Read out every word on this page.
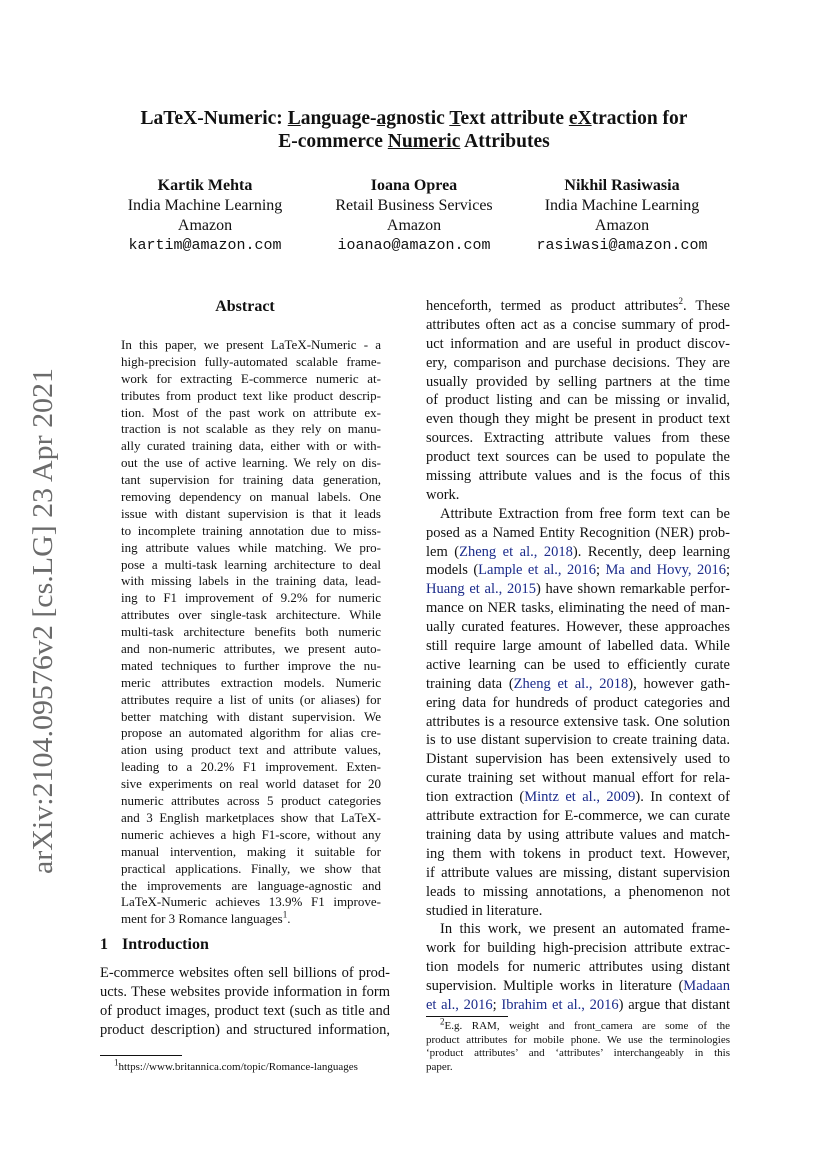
arXiv:2104.09576v2 [cs.LG] 23 Apr 2021
LaTeX-Numeric: Language-agnostic Text attribute eXtraction for
E-commerce Numeric Attributes
Kartik Mehta
India Machine Learning
Amazon
kartim@amazon.com
Ioana Oprea
Retail Business Services
Amazon
ioanao@amazon.com
Nikhil Rasiwasia
India Machine Learning
Amazon
rasiwasi@amazon.com
Abstract
In this paper, we present LaTeX-Numeric - a
high-precision fully-automated scalable frame-
work for extracting E-commerce numeric at-
tributes from product text like product descrip-
tion. Most of the past work on attribute ex-
traction is not scalable as they rely on manu-
ally curated training data, either with or with-
out the use of active learning. We rely on dis-
tant supervision for training data generation,
removing dependency on manual labels. One
issue with distant supervision is that it leads
to incomplete training annotation due to miss-
ing attribute values while matching. We pro-
pose a multi-task learning architecture to deal
with missing labels in the training data, lead-
ing to F1 improvement of 9.2% for numeric
attributes over single-task architecture. While
multi-task architecture benefits both numeric
and non-numeric attributes, we present auto-
mated techniques to further improve the nu-
meric attributes extraction models. Numeric
attributes require a list of units (or aliases) for
better matching with distant supervision. We
propose an automated algorithm for alias cre-
ation using product text and attribute values,
leading to a 20.2% F1 improvement. Exten-
sive experiments on real world dataset for 20
numeric attributes across 5 product categories
and 3 English marketplaces show that LaTeX-
numeric achieves a high F1-score, without any
manual intervention, making it suitable for
practical applications. Finally, we show that
the improvements are language-agnostic and
LaTeX-Numeric achieves 13.9% F1 improve-
ment for 3 Romance languages$^1$.
1 Introduction
E-commerce websites often sell billions of prod-
ucts. These websites provide information in form
of product images, product text (such as title and
product description) and structured information,
$^1$https://www.britannica.com/topic/Romance-languages
henceforth, termed as product attributes$^2$. These
attributes often act as a concise summary of prod-
uct information and are useful in product discov-
ery, comparison and purchase decisions. They are
usually provided by selling partners at the time
of product listing and can be missing or invalid,
even though they might be present in product text
sources. Extracting attribute values from these
product text sources can be used to populate the
missing attribute values and is the focus of this
work.
Attribute Extraction from free form text can be
posed as a Named Entity Recognition (NER) prob-
lem (Zheng et al., 2018). Recently, deep learning
models (Lample et al., 2016; Ma and Hovy, 2016;
Huang et al., 2015) have shown remarkable perfor-
mance on NER tasks, eliminating the need of man-
ually curated features. However, these approaches
still require large amount of labelled data. While
active learning can be used to efficiently curate
training data (Zheng et al., 2018), however gath-
ering data for hundreds of product categories and
attributes is a resource extensive task. One solution
is to use distant supervision to create training data.
Distant supervision has been extensively used to
curate training set without manual effort for rela-
tion extraction (Mintz et al., 2009). In context of
attribute extraction for E-commerce, we can curate
training data by using attribute values and match-
ing them with tokens in product text. However,
if attribute values are missing, distant supervision
leads to missing annotations, a phenomenon not
studied in literature.
In this work, we present an automated frame-
work for building high-precision attribute extrac-
tion models for numeric attributes using distant
supervision. Multiple works in literature (Madaan
et al., 2016; Ibrahim et al., 2016) argue that distant
$^2$E.g. RAM, weight and front_camera are some of the
product attributes for mobile phone. We use the terminologies
‘product attributes’ and ‘attributes’ interchangeably in this
paper.
